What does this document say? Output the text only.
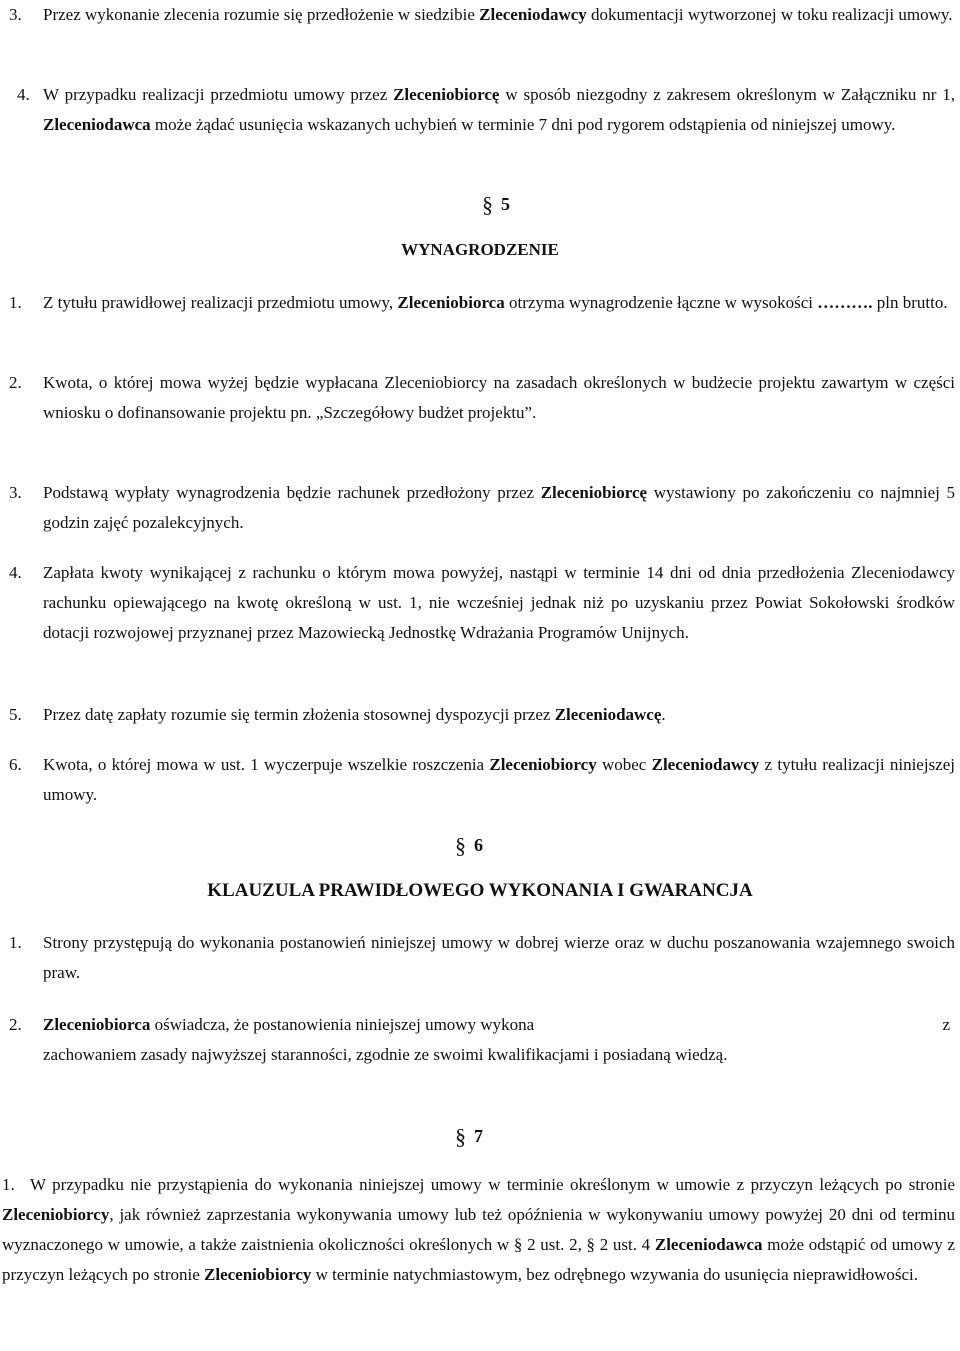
3. Przez wykonanie zlecenia rozumie się przedłożenie w siedzibie Zleceniodawcy dokumentacji wytworzonej w toku realizacji umowy.
4. W przypadku realizacji przedmiotu umowy przez Zleceniobiorcę w sposób niezgodny z zakresem określonym w Załączniku nr 1, Zleceniodawca może żądać usunięcia wskazanych uchybień w terminie 7 dni pod rygorem odstąpienia od niniejszej umowy.
§ 5
WYNAGRODZENIE
1. Z tytułu prawidłowej realizacji przedmiotu umowy, Zleceniobiorca otrzyma wynagrodzenie łączne w wysokości ………. pln brutto.
2. Kwota, o której mowa wyżej będzie wypłacana Zleceniobiorcy na zasadach określonych w budżecie projektu zawartym w części wniosku o dofinansowanie projektu pn. „Szczegółowy budżet projektu”.
3. Podstawą wypłaty wynagrodzenia będzie rachunek przedłożony przez Zleceniobiorcę wystawiony po zakończeniu co najmniej 5 godzin zajęć pozalekcyjnych.
4. Zapłata kwoty wynikającej z rachunku o którym mowa powyżej, nastąpi w terminie 14 dni od dnia przedłożenia Zleceniodawcy rachunku opiewającego na kwotę określoną w ust. 1, nie wcześniej jednak niż po uzyskaniu przez Powiat Sokołowski środków dotacji rozwojowej przyznanej przez Mazowiecką Jednostkę Wdrażania Programów Unijnych.
5. Przez datę zapłaty rozumie się termin złożenia stosownej dyspozycji przez Zleceniodawcę.
6. Kwota, o której mowa w ust. 1 wyczerpuje wszelkie roszczenia Zleceniobiorcy wobec Zleceniodawcy z tytułu realizacji niniejszej umowy.
§ 6
KLAUZULA PRAWIDŁOWEGO WYKONANIA I GWARANCJA
1. Strony przystępują do wykonania postanowień niniejszej umowy w dobrej wierze oraz w duchu poszanowania wzajemnego swoich praw.
2. Zleceniobiorca oświadcza, że postanowienia niniejszej umowy wykona	z
zachowaniem zasady najwyższej staranności, zgodnie ze swoimi kwalifikacjami i posiadaną wiedzą.
§ 7
1. W przypadku nie przystąpienia do wykonania niniejszej umowy w terminie określonym w umowie z przyczyn leżących po stronie Zleceniobiorcy, jak również zaprzestania wykonywania umowy lub też opóźnienia w wykonywaniu umowy powyżej 20 dni od terminu wyznaczonego w umowie, a także zaistnienia okoliczności określonych w § 2 ust. 2, § 2 ust. 4 Zleceniodawca może odstąpić od umowy z przyczyn leżących po stronie Zleceniobiorcy w terminie natychmiastowym, bez odrębnego wzywania do usunięcia nieprawidłowości.
